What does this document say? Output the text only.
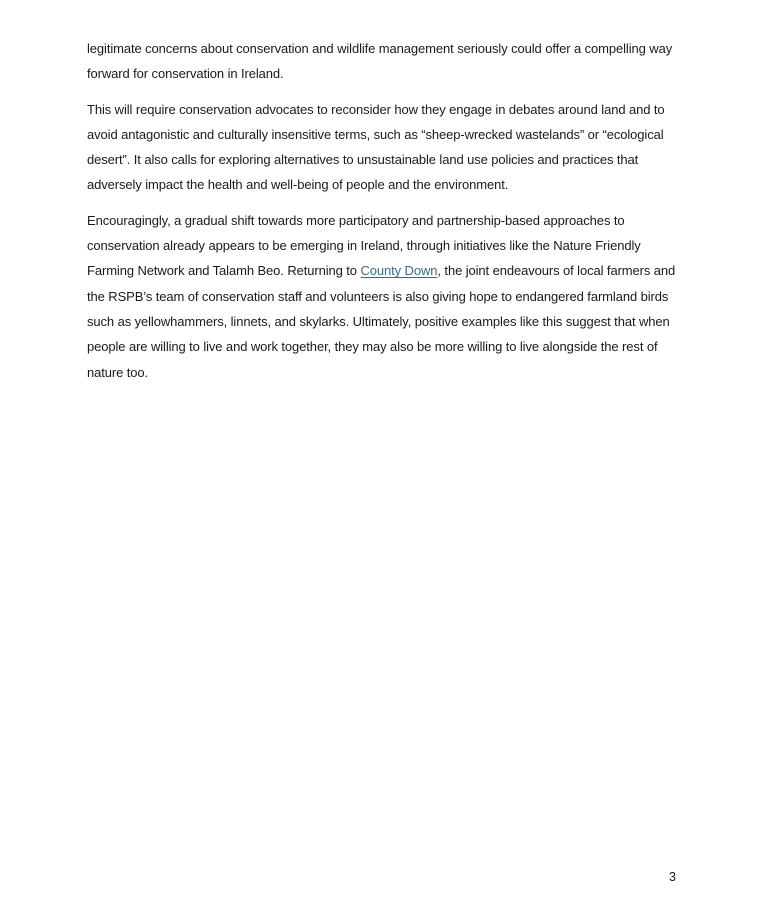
legitimate concerns about conservation and wildlife management seriously could offer a compelling way forward for conservation in Ireland.

This will require conservation advocates to reconsider how they engage in debates around land and to avoid antagonistic and culturally insensitive terms, such as “sheep-wrecked wastelands” or “ecological desert”. It also calls for exploring alternatives to unsustainable land use policies and practices that adversely impact the health and well-being of people and the environment.

Encouragingly, a gradual shift towards more participatory and partnership-based approaches to conservation already appears to be emerging in Ireland, through initiatives like the Nature Friendly Farming Network and Talamh Beo. Returning to County Down, the joint endeavours of local farmers and the RSPB’s team of conservation staff and volunteers is also giving hope to endangered farmland birds such as yellowhammers, linnets, and skylarks. Ultimately, positive examples like this suggest that when people are willing to live and work together, they may also be more willing to live alongside the rest of nature too.

3
